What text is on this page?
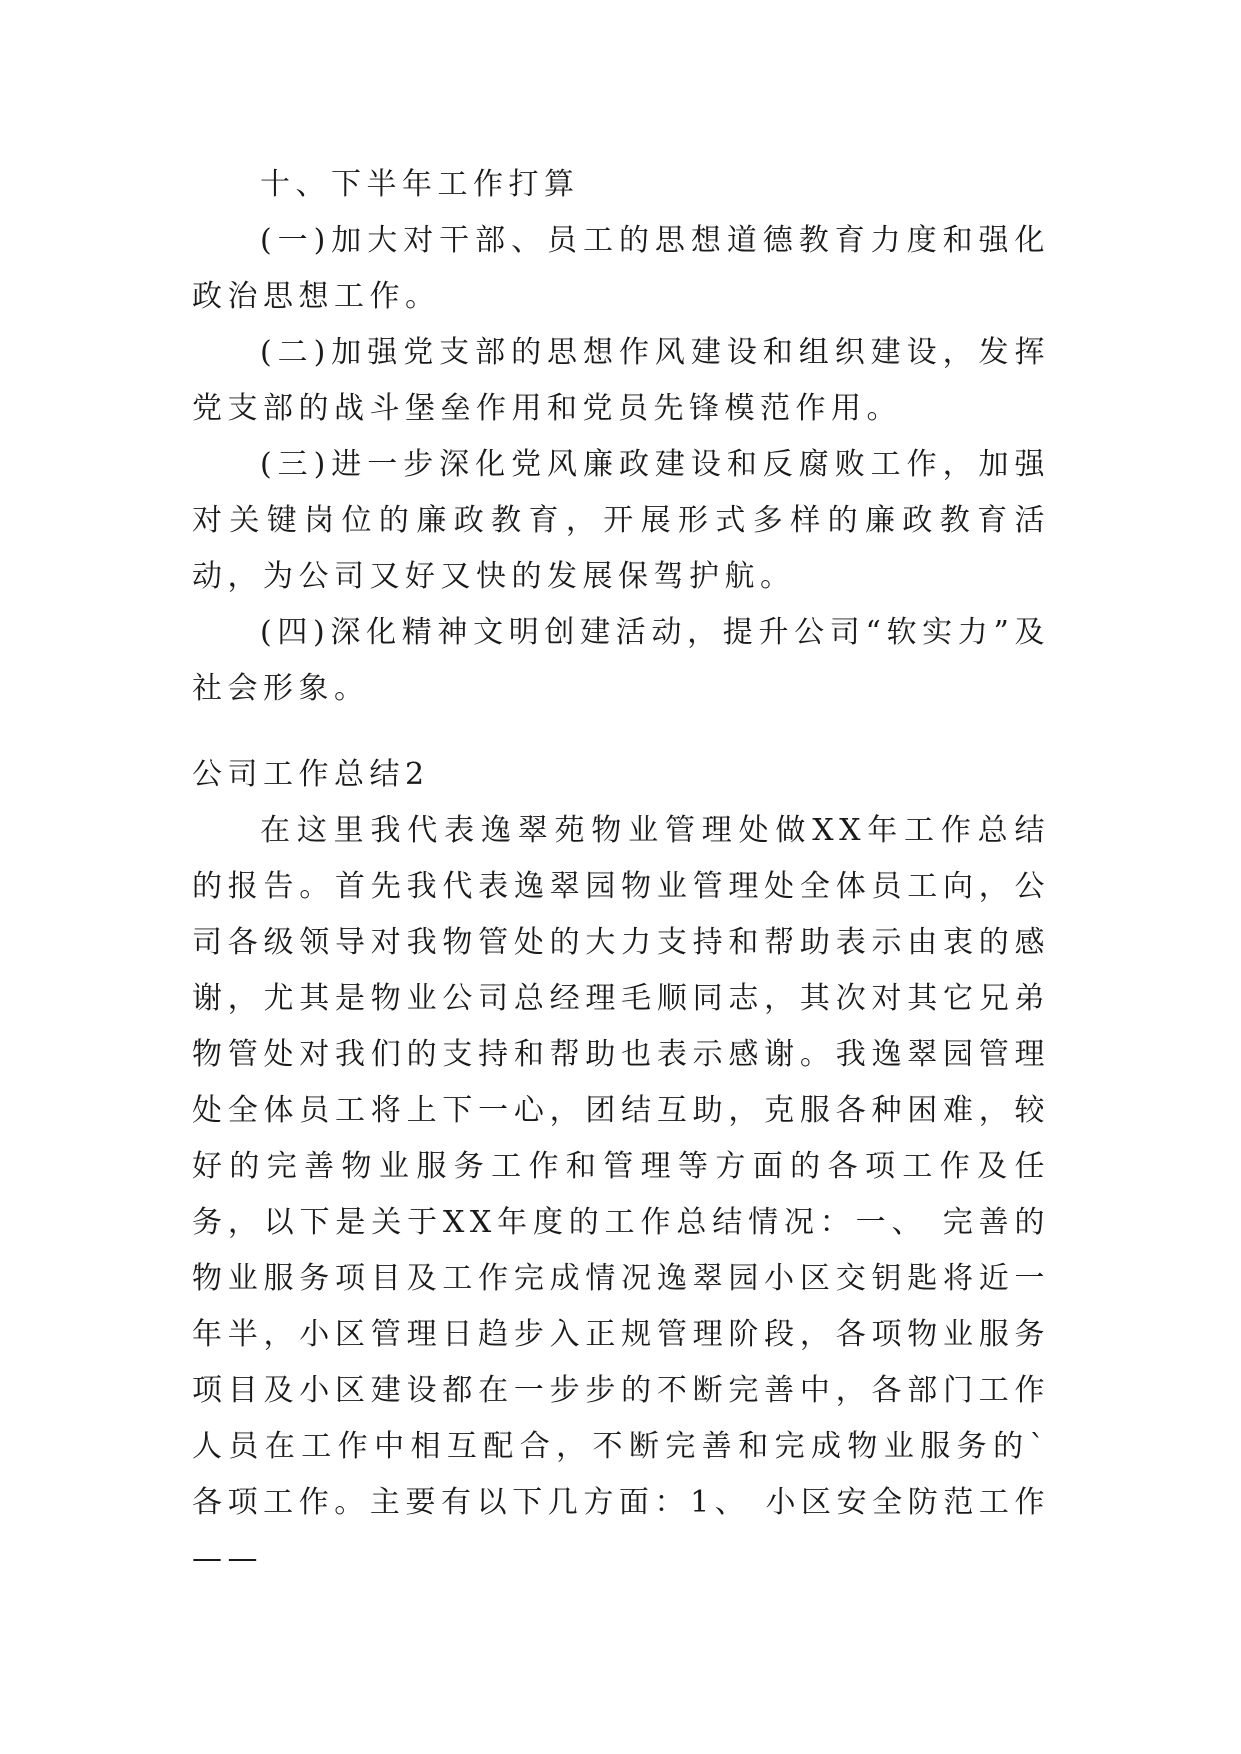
十、下半年工作打算

(一)加大对干部、员工的思想道德教育力度和强化政治思想工作。

(二)加强党支部的思想作风建设和组织建设，发挥党支部的战斗堡垒作用和党员先锋模范作用。

(三)进一步深化党风廉政建设和反腐败工作，加强对关键岗位的廉政教育，开展形式多样的廉政教育活动，为公司又好又快的发展保驾护航。

(四)深化精神文明创建活动，提升公司“软实力”及社会形象。

公司工作总结2

在这里我代表逸翠苑物业管理处做XX年工作总结的报告。首先我代表逸翠园物业管理处全体员工向，公司各级领导对我物管处的大力支持和帮助表示由衷的感谢，尤其是物业公司总经理毛顺同志，其次对其它兄弟物管处对我们的支持和帮助也表示感谢。我逸翠园管理处全体员工将上下一心，团结互助，克服各种困难，较好的完善物业服务工作和管理等方面的各项工作及任务，以下是关于XX年度的工作总结情况：一、 完善的物业服务项目及工作完成情况逸翠园小区交钥匙将近一年半，小区管理日趋步入正规管理阶段，各项物业服务项目及小区建设都在一步步的不断完善中，各部门工作人员在工作中相互配合，不断完善和完成物业服务的`各项工作。主要有以下几方面：1、 小区安全防范工作——
